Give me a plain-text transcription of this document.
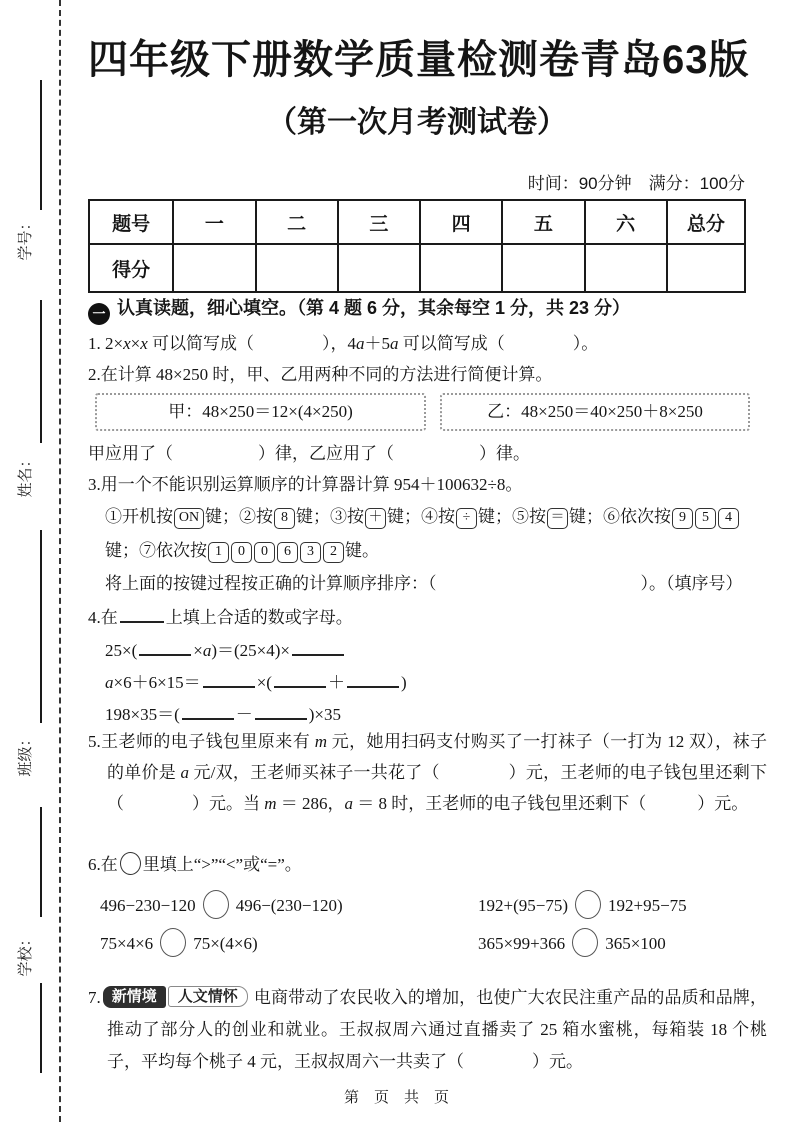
学号：
姓名：
班级：
学校：
四年级下册数学质量检测卷青岛63版
（第一次月考测试卷）
时间：90分钟　满分：100分
题号	一	二	三	四	五	六	总分
得分							
一 认真读题，细心填空。（第 4 题 6 分，其余每空 1 分，共 23 分）
1. 2×x×x 可以简写成（　　　　），4a＋5a 可以简写成（　　　　）。
2.在计算 48×250 时，甲、乙用两种不同的方法进行简便计算。
甲：48×250＝12×(4×250)	乙：48×250＝40×250＋8×250
甲应用了（　　　　　）律，乙应用了（　　　　　）律。
3.用一个不能识别运算顺序的计算器计算 954＋100632÷8。
①开机按 ON 键；②按 8 键；③按 ＋ 键；④按 ÷ 键；⑤按 ＝ 键；⑥依次按 9 5 4
键；⑦依次按 1 0 0 6 3 2 键。
将上面的按键过程按正确的计算顺序排序：（　　　　　　　　　　　　）。（填序号）
4.在	上填上合适的数或字母。
25×(	×a)＝(25×4)×
a×6＋6×15＝	×(	＋	)
198×35＝(	－	)×35
5.王老师的电子钱包里原来有 m 元，她用扫码支付购买了一打袜子（一打为 12 双），袜子的单价是 a 元/双，王老师买袜子一共花了（　　　　）元，王老师的电子钱包里还剩下（　　　　）元。当 m ＝ 286，a ＝ 8 时，王老师的电子钱包里还剩下（　　　）元。
6.在 里填上“>”“<”或“=”。
496−230−120 496−(230−120)	192+(95−75) 192+95−75
75×4×6 75×(4×6)	365×99+366 365×100
7. 新情境 人文情怀 电商带动了农民收入的增加，也使广大农民注重产品的品质和品牌，推动了部分人的创业和就业。王叔叔周六通过直播卖了 25 箱水蜜桃，每箱装 18 个桃子，平均每个桃子 4 元，王叔叔周六一共卖了（　　　　）元。
第　页　共　页
